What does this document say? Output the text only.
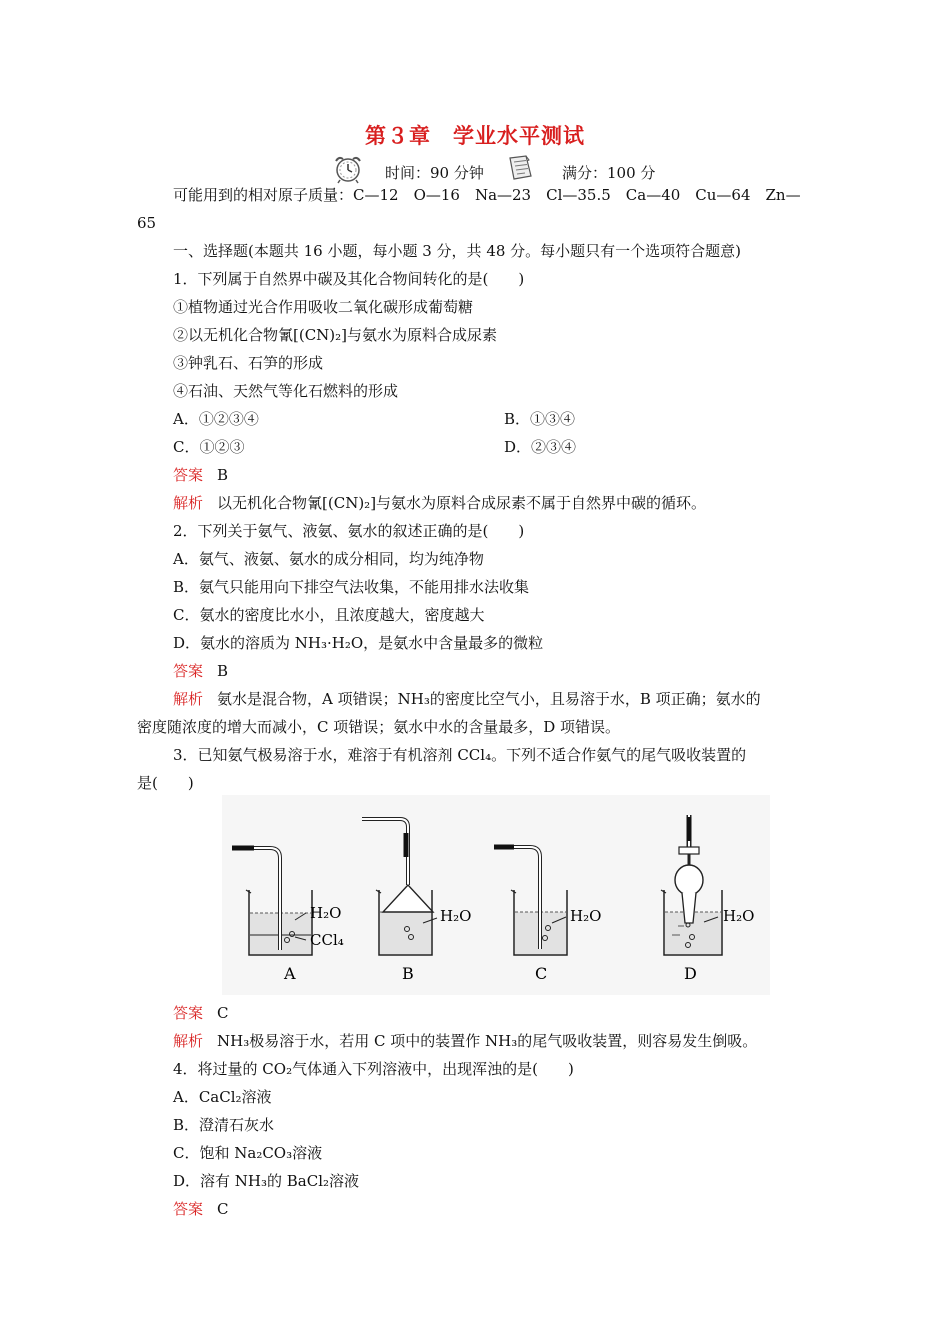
第３章　学业水平测试
时间：90 分钟	满分：100 分
可能用到的相对原子质量：C—12　O—16　Na—23　Cl—35.5　Ca—40　Cu—64　Zn—
65
一、选择题(本题共 16 小题，每小题 3 分，共 48 分。每小题只有一个选项符合题意)
1．下列属于自然界中碳及其化合物间转化的是(　　)
①植物通过光合作用吸收二氧化碳形成葡萄糖
②以无机化合物氰[(CN)₂]与氨水为原料合成尿素
③钟乳石、石笋的形成
④石油、天然气等化石燃料的形成
A．①②③④	B．①③④
C．①②③	D．②③④
答案 B
解析 以无机化合物氰[(CN)₂]与氨水为原料合成尿素不属于自然界中碳的循环。
2．下列关于氨气、液氨、氨水的叙述正确的是(　　)
A．氨气、液氨、氨水的成分相同，均为纯净物
B．氨气只能用向下排空气法收集，不能用排水法收集
C．氨水的密度比水小，且浓度越大，密度越大
D．氨水的溶质为 NH₃·H₂O，是氨水中含量最多的微粒
答案 B
解析 氨水是混合物，A 项错误；NH₃的密度比空气小，且易溶于水，B 项正确；氨水的
密度随浓度的增大而减小，C 项错误；氨水中水的含量最多，D 项错误。
3．已知氨气极易溶于水，难溶于有机溶剂 CCl₄。下列不适合作氨气的尾气吸收装置的
是(　　)
H₂O
CCl₄
A
H₂O
B
H₂O
C
H₂O
D
答案 C
解析 NH₃极易溶于水，若用 C 项中的装置作 NH₃的尾气吸收装置，则容易发生倒吸。
4．将过量的 CO₂气体通入下列溶液中，出现浑浊的是(　　)
A．CaCl₂溶液
B．澄清石灰水
C．饱和 Na₂CO₃溶液
D．溶有 NH₃的 BaCl₂溶液
答案 C
